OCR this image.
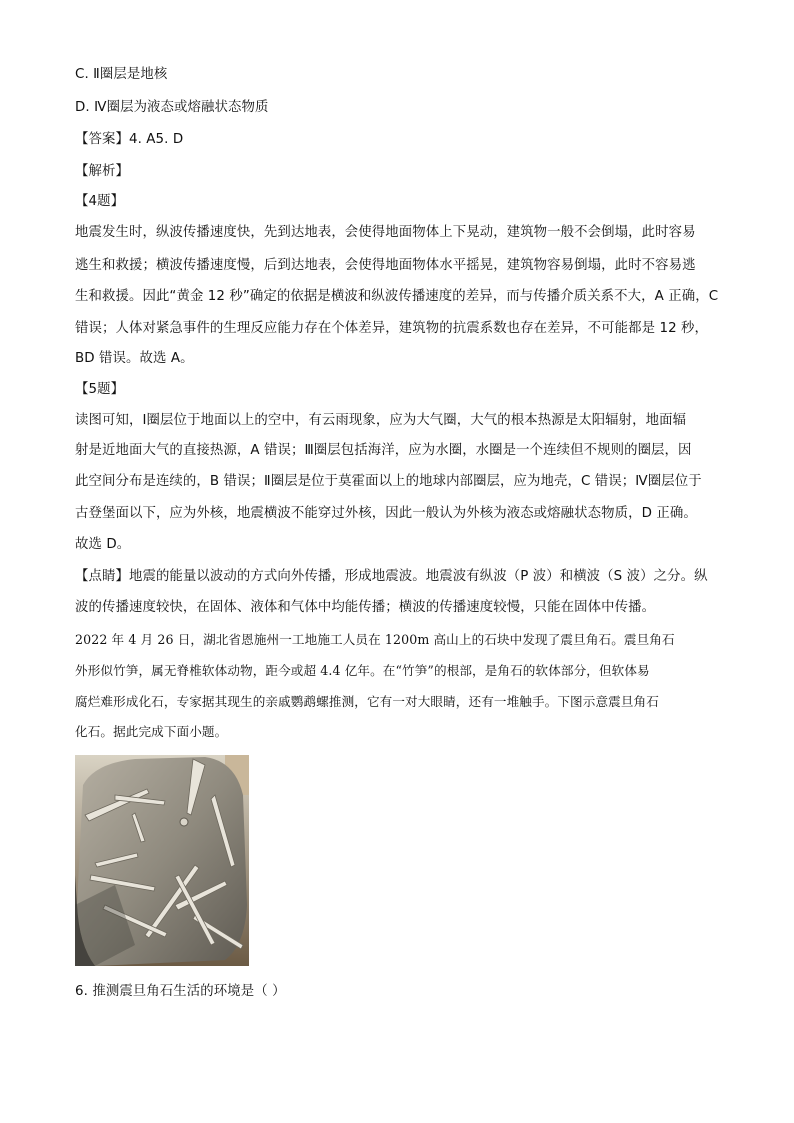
C. Ⅱ圈层是地核
D. Ⅳ圈层为液态或熔融状态物质
【答案】4. A5. D
【解析】
【4题】
地震发生时，纵波传播速度快，先到达地表，会使得地面物体上下晃动，建筑物一般不会倒塌，此时容易
逃生和救援；横波传播速度慢，后到达地表，会使得地面物体水平摇晃，建筑物容易倒塌，此时不容易逃
生和救援。因此“黄金 12 秒”确定的依据是横波和纵波传播速度的差异，而与传播介质关系不大，A 正确，C
错误；人体对紧急事件的生理反应能力存在个体差异，建筑物的抗震系数也存在差异，不可能都是 12 秒，
BD 错误。故选 A。
【5题】
读图可知，Ⅰ圈层位于地面以上的空中，有云雨现象，应为大气圈，大气的根本热源是太阳辐射，地面辐
射是近地面大气的直接热源，A 错误；Ⅲ圈层包括海洋，应为水圈，水圈是一个连续但不规则的圈层，因
此空间分布是连续的，B 错误；Ⅱ圈层是位于莫霍面以上的地球内部圈层，应为地壳，C 错误；Ⅳ圈层位于
古登堡面以下，应为外核，地震横波不能穿过外核，因此一般认为外核为液态或熔融状态物质，D 正确。
故选 D。
【点睛】地震的能量以波动的方式向外传播，形成地震波。地震波有纵波（P 波）和横波（S 波）之分。纵
波的传播速度较快，在固体、液体和气体中均能传播；横波的传播速度较慢，只能在固体中传播。
2022 年 4 月 26 日，湖北省恩施州一工地施工人员在 1200m 高山上的石块中发现了震旦角石。震旦角石
外形似竹笋，属无脊椎软体动物，距今或超 4.4 亿年。在“竹笋”的根部，是角石的软体部分，但软体易
腐烂难形成化石，专家据其现生的亲戚鹦鹉螺推测，它有一对大眼睛，还有一堆触手。下图示意震旦角石
化石。据此完成下面小题。
6. 推测震旦角石生活的环境是（ ）
